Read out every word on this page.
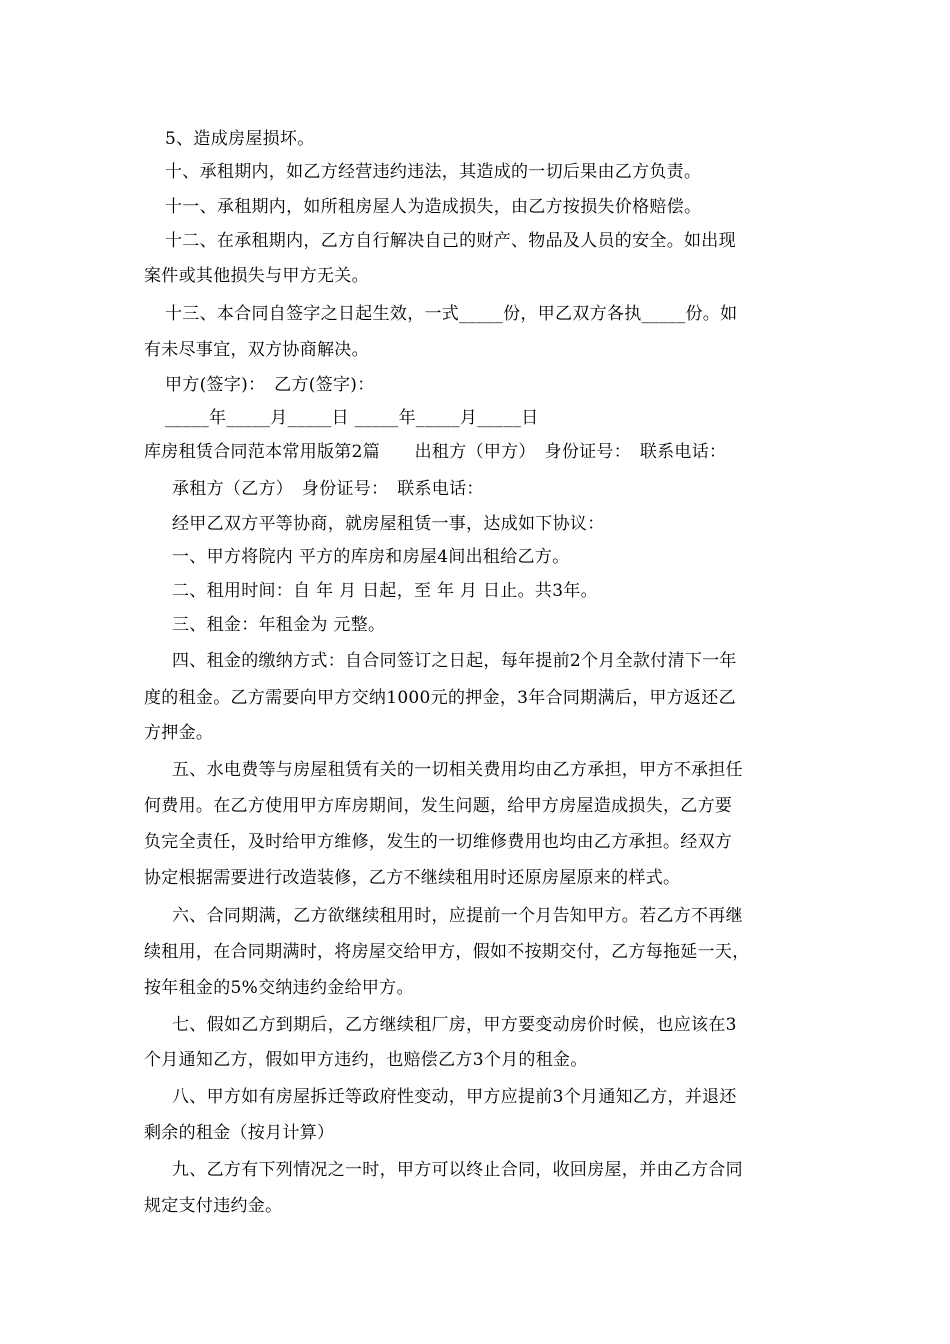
5、造成房屋损坏。
十、承租期内，如乙方经营违约违法，其造成的一切后果由乙方负责。
十一、承租期内，如所租房屋人为造成损失，由乙方按损失价格赔偿。
十二、在承租期内，乙方自行解决自己的财产、物品及人员的安全。如出现
案件或其他损失与甲方无关。
十三、本合同自签字之日起生效，一式_____份，甲乙双方各执_____份。如
有未尽事宜，双方协商解决。
甲方(签字)：　乙方(签字)：
_____年_____月_____日 _____年_____月_____日
库房租赁合同范本常用版第2篇　　出租方（甲方）　身份证号：　联系电话：
承租方（乙方）　身份证号：　联系电话：
经甲乙双方平等协商，就房屋租赁一事，达成如下协议：
一、甲方将院内 平方的库房和房屋4间出租给乙方。
二、租用时间：自 年 月 日起，至 年 月 日止。共3年。
三、租金：年租金为 元整。
四、租金的缴纳方式：自合同签订之日起，每年提前2个月全款付清下一年
度的租金。乙方需要向甲方交纳1000元的押金，3年合同期满后，甲方返还乙
方押金。
五、水电费等与房屋租赁有关的一切相关费用均由乙方承担，甲方不承担任
何费用。在乙方使用甲方库房期间，发生问题，给甲方房屋造成损失，乙方要
负完全责任，及时给甲方维修，发生的一切维修费用也均由乙方承担。经双方
协定根据需要进行改造装修，乙方不继续租用时还原房屋原来的样式。
六、合同期满，乙方欲继续租用时，应提前一个月告知甲方。若乙方不再继
续租用，在合同期满时，将房屋交给甲方，假如不按期交付，乙方每拖延一天，
按年租金的5%交纳违约金给甲方。
七、假如乙方到期后，乙方继续租厂房，甲方要变动房价时候，也应该在3
个月通知乙方，假如甲方违约，也赔偿乙方3个月的租金。
八、甲方如有房屋拆迁等政府性变动，甲方应提前3个月通知乙方，并退还
剩余的租金（按月计算）
九、乙方有下列情况之一时，甲方可以终止合同，收回房屋，并由乙方合同
规定支付违约金。
